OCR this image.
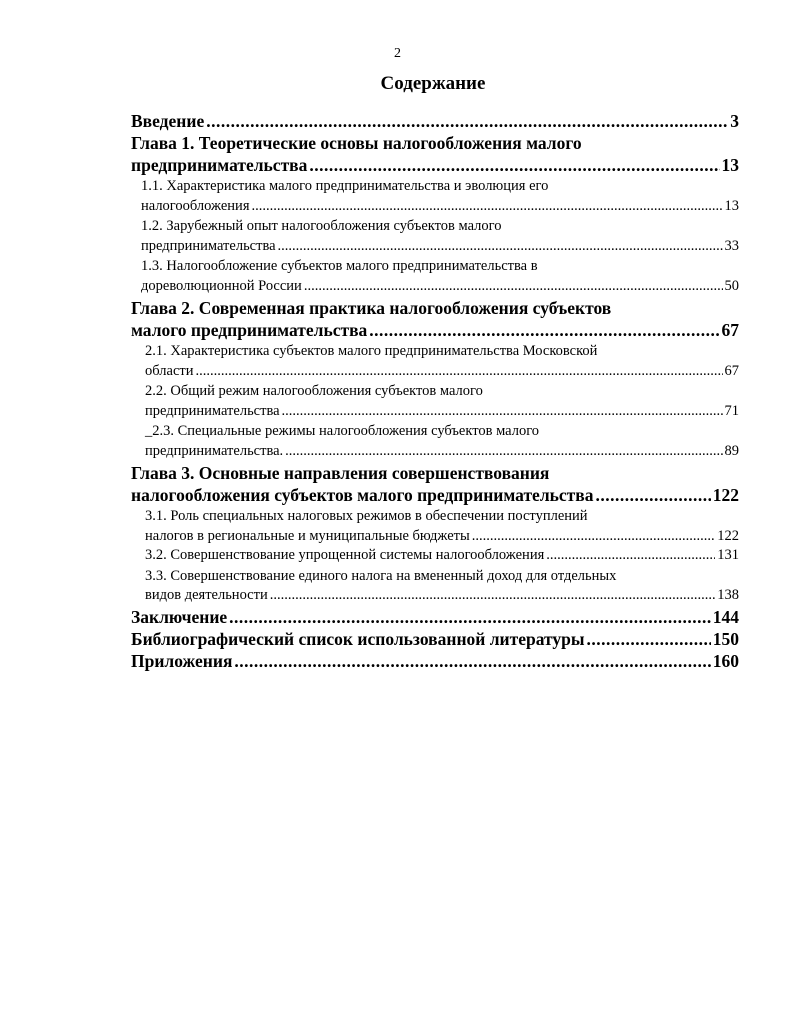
2
Содержание
Введение .....	3
Глава 1. Теоретические основы налогообложения малого
предпринимательства .....	13
1.1. Характеристика малого предпринимательства и эволюция его
налогообложения .....	13
1.2. Зарубежный опыт налогообложения субъектов малого
предпринимательства .....	33
1.3. Налогообложение субъектов малого предпринимательства в
дореволюционной России .....	50
Глава 2. Современная практика налогообложения субъектов
малого предпринимательства .....	67
2.1. Характеристика субъектов малого предпринимательства Московской
области .....	67
2.2. Общий режим налогообложения субъектов малого
предпринимательства .....	71
_2.3. Специальные режимы налогообложения субъектов малого
предпринимательства. .....	89
Глава 3. Основные направления совершенствования
налогообложения субъектов малого предпринимательства .....	122
3.1. Роль специальных налоговых режимов в обеспечении поступлений
налогов в региональные и муниципальные бюджеты .....	122
3.2. Совершенствование упрощенной системы налогообложения .....	131
3.3. Совершенствование единого налога на вмененный доход для отдельных
видов деятельности .....	138
Заключение .....	144
Библиографический список использованной литературы .....	150
Приложения .....	160
